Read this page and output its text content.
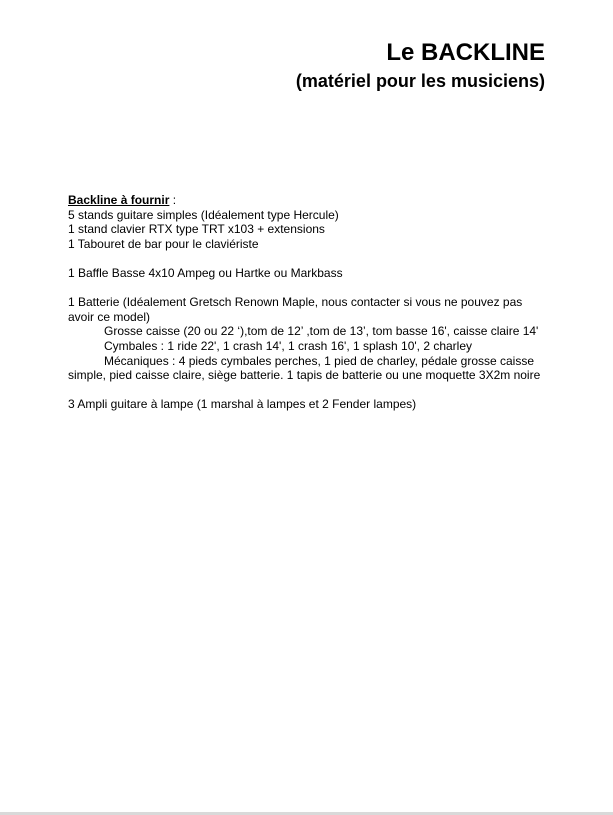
Le BACKLINE
(matériel pour les musiciens)
Backline à fournir :
5 stands guitare simples (Idéalement type Hercule)
1 stand clavier RTX type TRT x103 + extensions
1 Tabouret de bar pour le claviériste
1 Baffle Basse 4x10 Ampeg ou Hartke ou Markbass
1 Batterie (Idéalement Gretsch Renown Maple, nous contacter si vous ne pouvez pas avoir ce model)
Grosse caisse (20 ou 22 ‘),tom de 12’ ,tom de 13’, tom basse 16', caisse claire 14'
Cymbales : 1 ride 22', 1 crash 14', 1 crash 16', 1 splash 10', 2 charley
Mécaniques : 4 pieds cymbales perches, 1 pied de charley, pédale grosse caisse simple, pied caisse claire, siège batterie. 1 tapis de batterie ou une moquette 3X2m noire
3 Ampli guitare à lampe (1 marshal à lampes et 2 Fender lampes)
